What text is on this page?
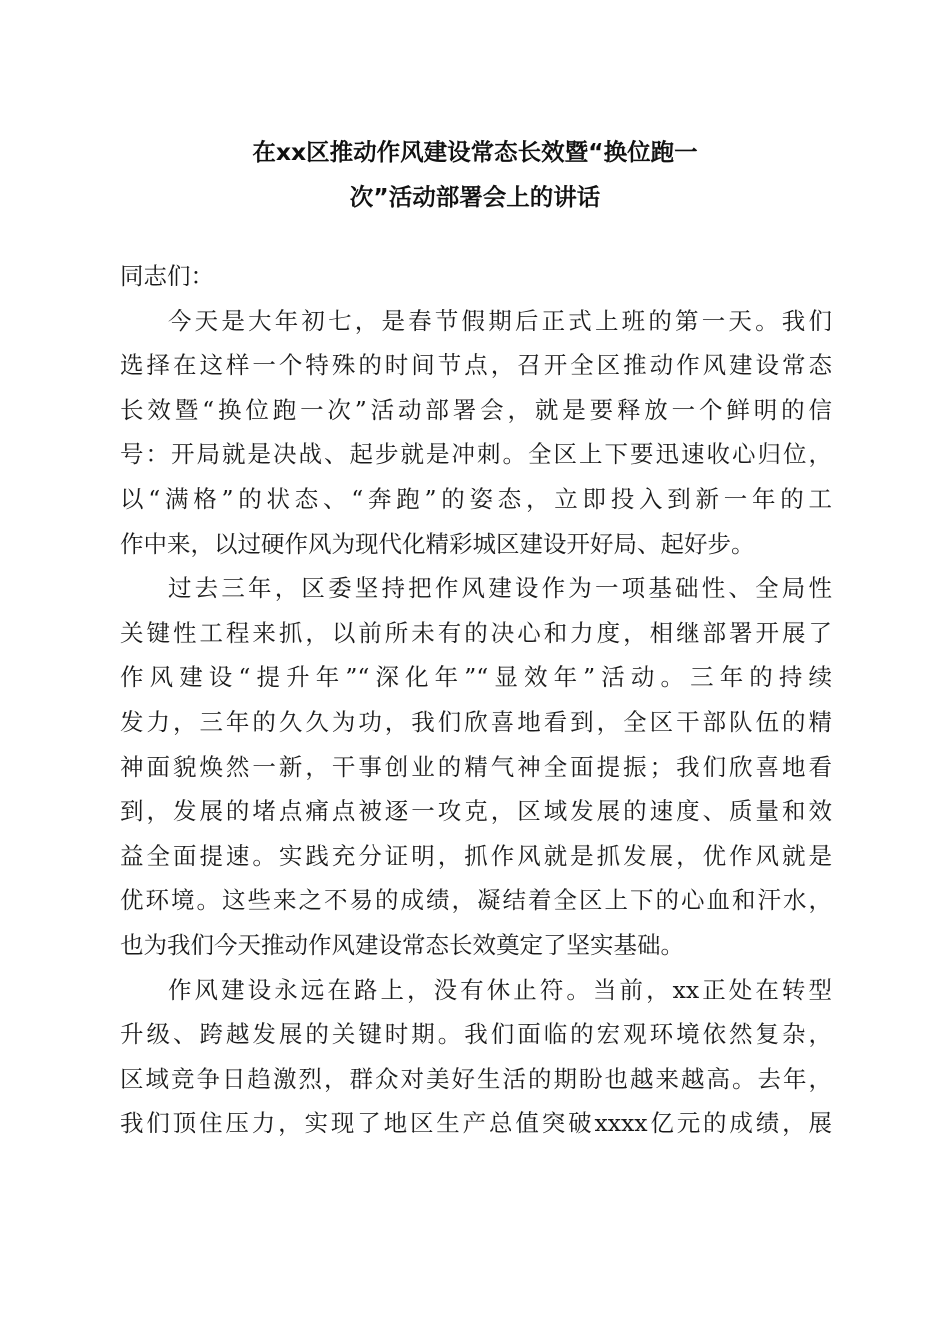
在xx区推动作风建设常态长效暨“换位跑一
次”活动部署会上的讲话
同志们：
今天是大年初七，是春节假期后正式上班的第一天。我们
选择在这样一个特殊的时间节点，召开全区推动作风建设常态
长效暨“换位跑一次”活动部署会，就是要释放一个鲜明的信
号：开局就是决战、起步就是冲刺。全区上下要迅速收心归位，
以“满格”的状态、“奔跑”的姿态，立即投入到新一年的工
作中来，以过硬作风为现代化精彩城区建设开好局、起好步。
过去三年，区委坚持把作风建设作为一项基础性、全局性
关键性工程来抓，以前所未有的决心和力度，相继部署开展了
作风建设“提升年”“深化年”“显效年”活动。三年的持续
发力，三年的久久为功，我们欣喜地看到，全区干部队伍的精
神面貌焕然一新，干事创业的精气神全面提振；我们欣喜地看
到，发展的堵点痛点被逐一攻克，区域发展的速度、质量和效
益全面提速。实践充分证明，抓作风就是抓发展，优作风就是
优环境。这些来之不易的成绩，凝结着全区上下的心血和汗水，
也为我们今天推动作风建设常态长效奠定了坚实基础。
作风建设永远在路上，没有休止符。当前，xx正处在转型
升级、跨越发展的关键时期。我们面临的宏观环境依然复杂，
区域竞争日趋激烈，群众对美好生活的期盼也越来越高。去年，
我们顶住压力，实现了地区生产总值突破xxxx亿元的成绩，展
